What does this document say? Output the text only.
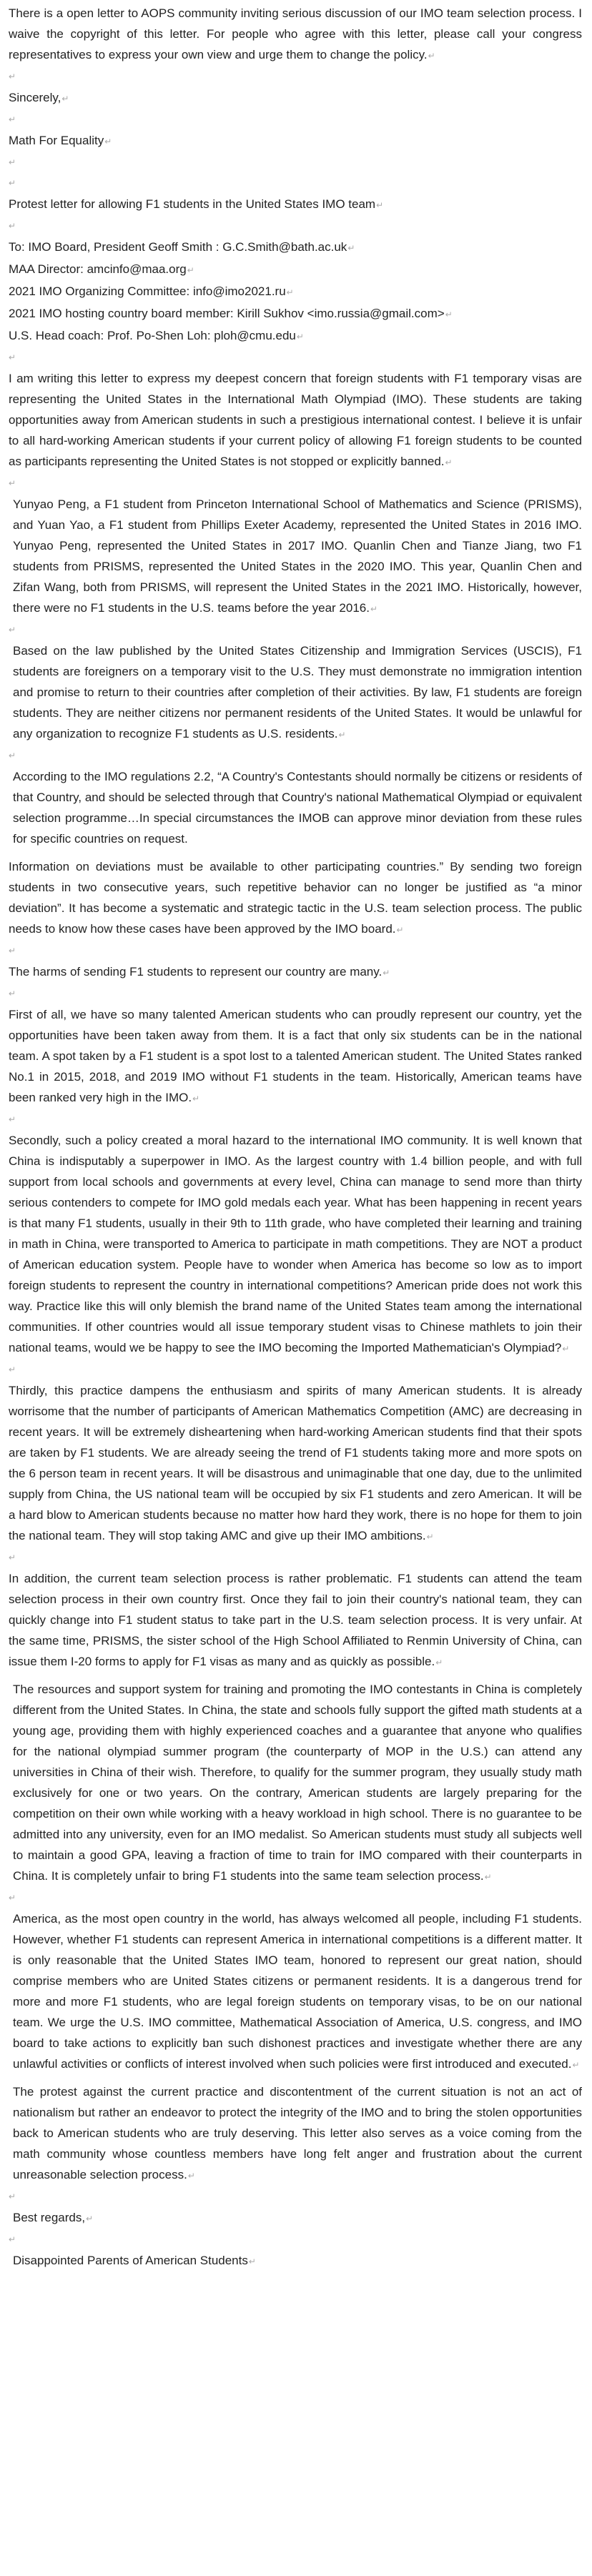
There is a open letter to AOPS community inviting serious discussion of our IMO team selection process. I waive the copyright of this letter. For people who agree with this letter, please call your congress representatives to express your own view and urge them to change the policy. ↵
↵
Sincerely, ↵
↵
Math For Equality ↵
↵
↵
Protest letter for allowing F1 students in the United States IMO team ↵
↵
To: IMO Board, President Geoff Smith : G.C.Smith@bath.ac.uk ↵
MAA Director: amcinfo@maa.org ↵
2021 IMO Organizing Committee: info@imo2021.ru ↵
2021 IMO hosting country board member: Kirill Sukhov <imo.russia@gmail.com> ↵
U.S. Head coach: Prof. Po-Shen Loh: ploh@cmu.edu ↵
↵
I am writing this letter to express my deepest concern that foreign students with F1 temporary visas are representing the United States in the International Math Olympiad (IMO). These students are taking opportunities away from American students in such a prestigious international contest. I believe it is unfair to all hard-working American students if your current policy of allowing F1 foreign students to be counted as participants representing the United States is not stopped or explicitly banned. ↵
↵
Yunyao Peng, a F1 student from Princeton International School of Mathematics and Science (PRISMS), and Yuan Yao, a F1 student from Phillips Exeter Academy, represented the United States in 2016 IMO. Yunyao Peng, represented the United States in 2017 IMO. Quanlin Chen and Tianze Jiang, two F1 students from PRISMS, represented the United States in the 2020 IMO. This year, Quanlin Chen and Zifan Wang, both from PRISMS, will represent the United States in the 2021 IMO. Historically, however, there were no F1 students in the U.S. teams before the year 2016. ↵
↵
Based on the law published by the United States Citizenship and Immigration Services (USCIS), F1 students are foreigners on a temporary visit to the U.S. They must demonstrate no immigration intention and promise to return to their countries after completion of their activities. By law, F1 students are foreign students. They are neither citizens nor permanent residents of the United States. It would be unlawful for any organization to recognize F1 students as U.S. residents. ↵
↵
According to the IMO regulations 2.2, “A Country's Contestants should normally be citizens or residents of that Country, and should be selected through that Country's national Mathematical Olympiad or equivalent selection programme…In special circumstances the IMOB can approve minor deviation from these rules for specific countries on request.
Information on deviations must be available to other participating countries.” By sending two foreign students in two consecutive years, such repetitive behavior can no longer be justified as “a minor deviation”. It has become a systematic and strategic tactic in the U.S. team selection process. The public needs to know how these cases have been approved by the IMO board. ↵
↵
The harms of sending F1 students to represent our country are many. ↵
↵
First of all, we have so many talented American students who can proudly represent our country, yet the opportunities have been taken away from them. It is a fact that only six students can be in the national team. A spot taken by a F1 student is a spot lost to a talented American student. The United States ranked No.1 in 2015, 2018, and 2019 IMO without F1 students in the team. Historically, American teams have been ranked very high in the IMO. ↵
↵
Secondly, such a policy created a moral hazard to the international IMO community. It is well known that China is indisputably a superpower in IMO. As the largest country with 1.4 billion people, and with full support from local schools and governments at every level, China can manage to send more than thirty serious contenders to compete for IMO gold medals each year. What has been happening in recent years is that many F1 students, usually in their 9th to 11th grade, who have completed their learning and training in math in China, were transported to America to participate in math competitions. They are NOT a product of American education system. People have to wonder when America has become so low as to import foreign students to represent the country in international competitions? American pride does not work this way. Practice like this will only blemish the brand name of the United States team among the international communities. If other countries would all issue temporary student visas to Chinese mathlets to join their national teams, would we be happy to see the IMO becoming the Imported Mathematician's Olympiad? ↵
↵
Thirdly, this practice dampens the enthusiasm and spirits of many American students. It is already worrisome that the number of participants of American Mathematics Competition (AMC) are decreasing in recent years. It will be extremely disheartening when hard-working American students find that their spots are taken by F1 students. We are already seeing the trend of F1 students taking more and more spots on the 6 person team in recent years. It will be disastrous and unimaginable that one day, due to the unlimited supply from China, the US national team will be occupied by six F1 students and zero American. It will be a hard blow to American students because no matter how hard they work, there is no hope for them to join the national team. They will stop taking AMC and give up their IMO ambitions. ↵
↵
In addition, the current team selection process is rather problematic. F1 students can attend the team selection process in their own country first. Once they fail to join their country's national team, they can quickly change into F1 student status to take part in the U.S. team selection process. It is very unfair. At the same time, PRISMS, the sister school of the High School Affiliated to Renmin University of China, can issue them I-20 forms to apply for F1 visas as many and as quickly as possible. ↵
The resources and support system for training and promoting the IMO contestants in China is completely different from the United States. In China, the state and schools fully support the gifted math students at a young age, providing them with highly experienced coaches and a guarantee that anyone who qualifies for the national olympiad summer program (the counterparty of MOP in the U.S.) can attend any universities in China of their wish. Therefore, to qualify for the summer program, they usually study math exclusively for one or two years. On the contrary, American students are largely preparing for the competition on their own while working with a heavy workload in high school. There is no guarantee to be admitted into any university, even for an IMO medalist. So American students must study all subjects well to maintain a good GPA, leaving a fraction of time to train for IMO compared with their counterparts in China. It is completely unfair to bring F1 students into the same team selection process. ↵
↵
America, as the most open country in the world, has always welcomed all people, including F1 students. However, whether F1 students can represent America in international competitions is a different matter. It is only reasonable that the United States IMO team, honored to represent our great nation, should comprise members who are United States citizens or permanent residents. It is a dangerous trend for more and more F1 students, who are legal foreign students on temporary visas, to be on our national team. We urge the U.S. IMO committee, Mathematical Association of America, U.S. congress, and IMO board to take actions to explicitly ban such dishonest practices and investigate whether there are any unlawful activities or conflicts of interest involved when such policies were first introduced and executed. ↵
The protest against the current practice and discontentment of the current situation is not an act of nationalism but rather an endeavor to protect the integrity of the IMO and to bring the stolen opportunities back to American students who are truly deserving. This letter also serves as a voice coming from the math community whose countless members have long felt anger and frustration about the current unreasonable selection process. ↵
↵
Best regards, ↵
↵
Disappointed Parents of American Students ↵
